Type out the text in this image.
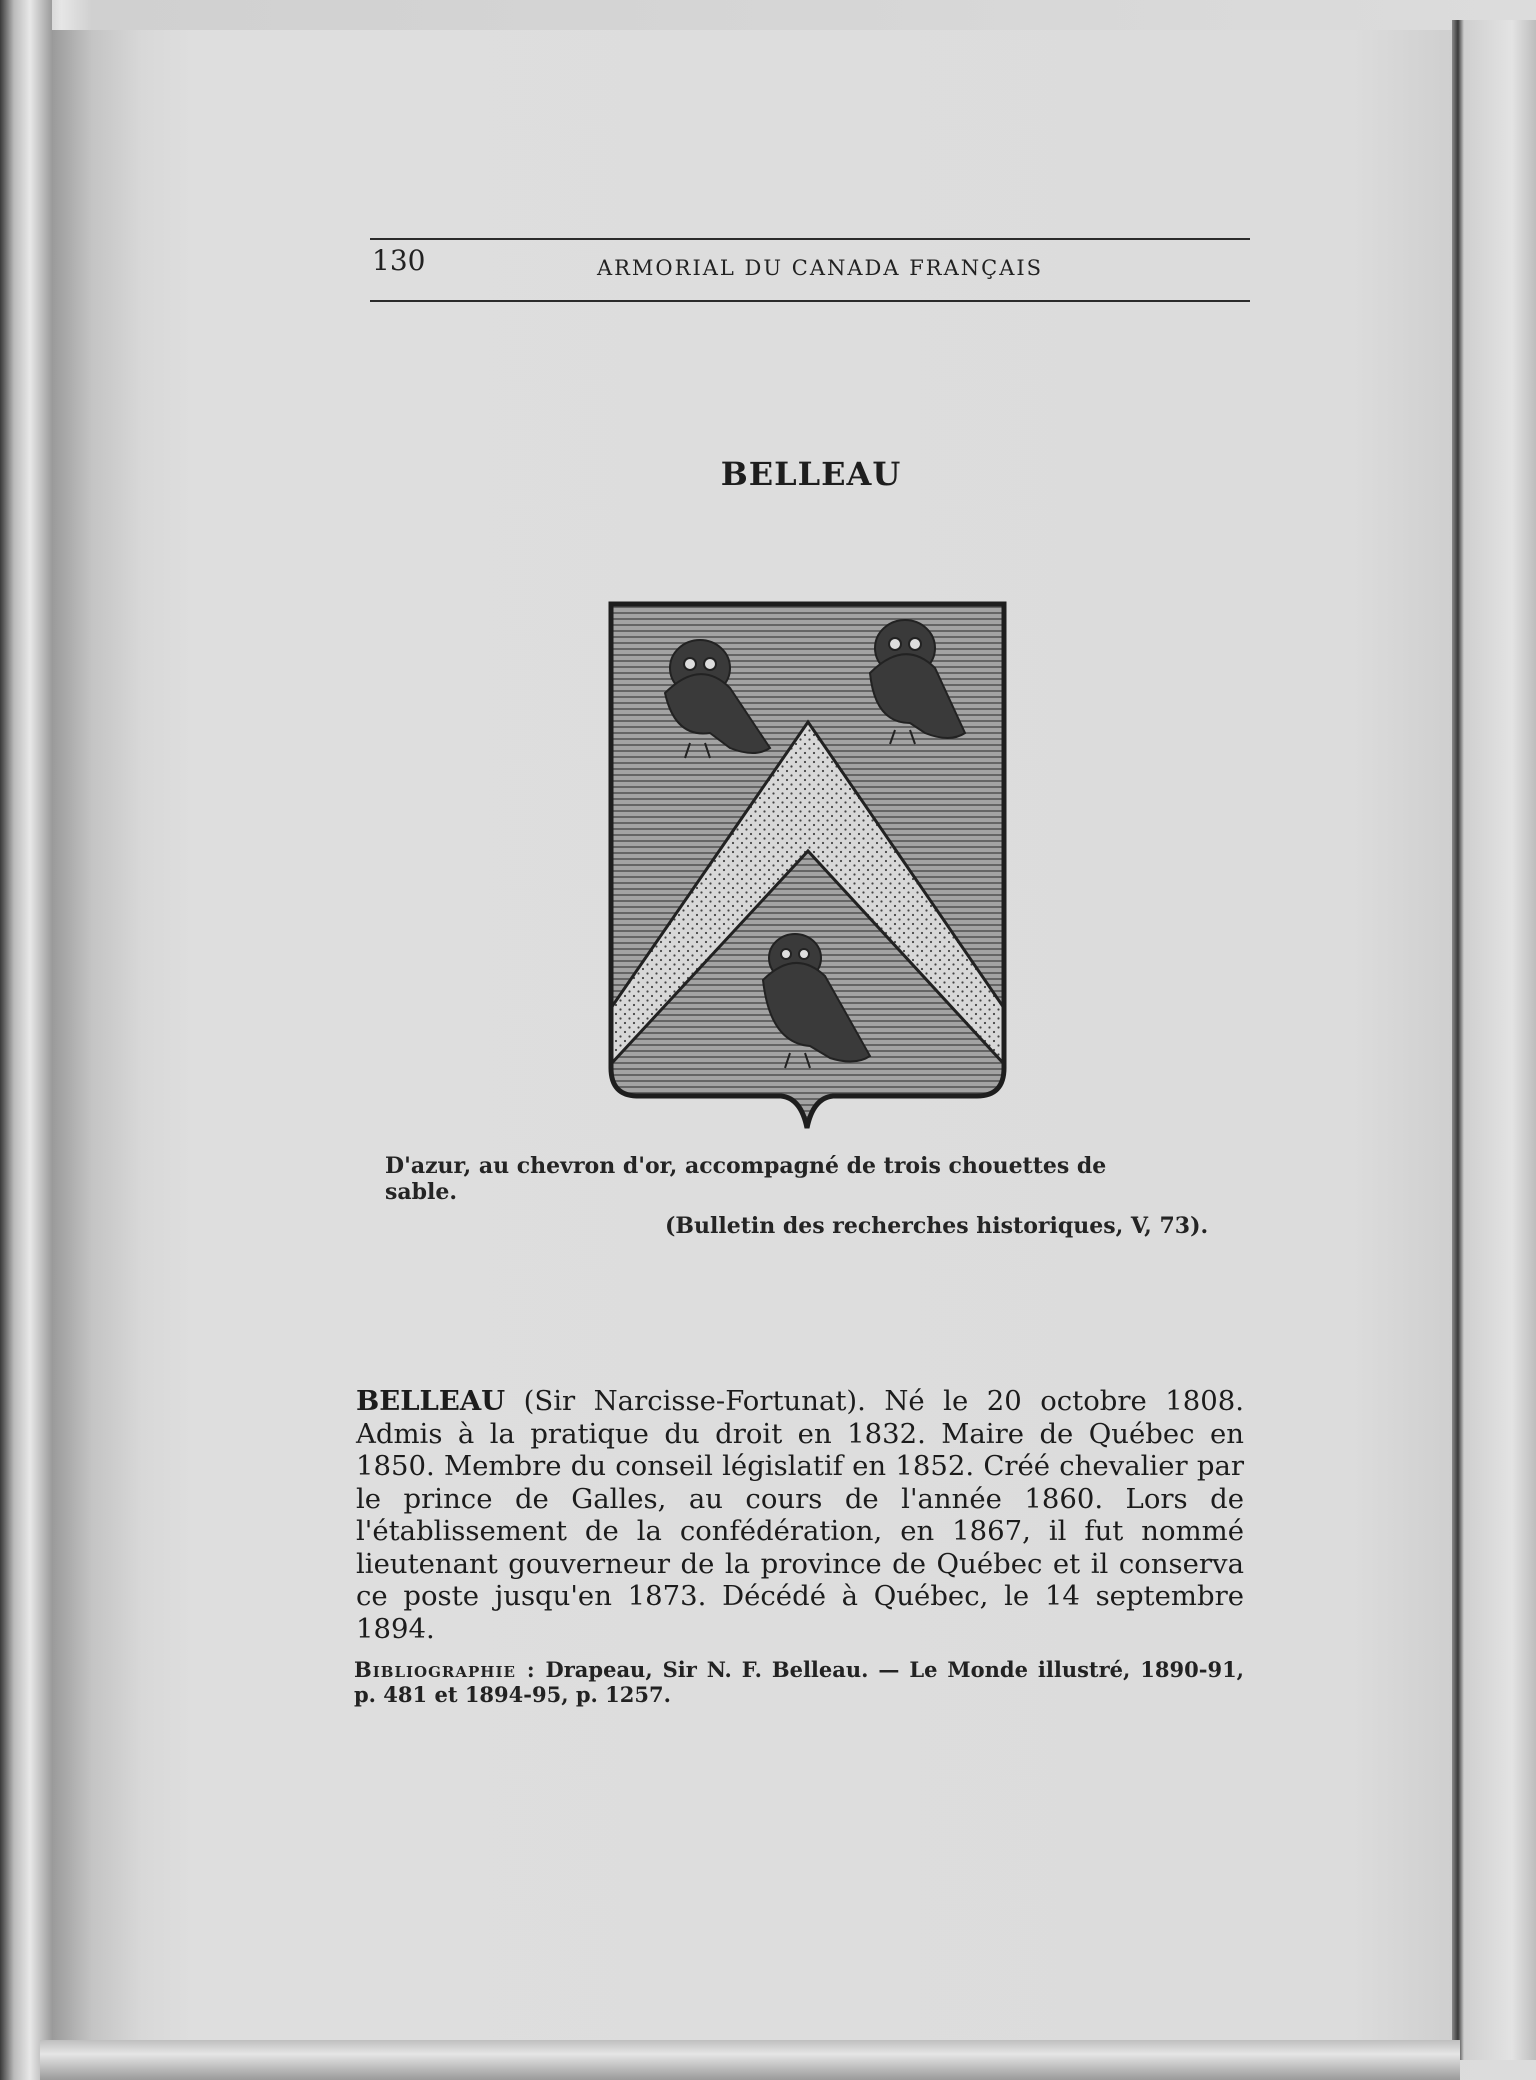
130	ARMORIAL DU CANADA FRANÇAIS
BELLEAU
D'azur, au chevron d'or, accompagné de trois chouettes de sable.
(Bulletin des recherches historiques, V, 73).
BELLEAU (Sir Narcisse-Fortunat). Né le 20 octobre 1808. Admis à la pratique du droit en 1832. Maire de Québec en 1850. Membre du conseil législatif en 1852. Créé chevalier par le prince de Galles, au cours de l'année 1860. Lors de l'établissement de la confédération, en 1867, il fut nommé lieutenant gouverneur de la province de Québec et il conserva ce poste jusqu'en 1873. Décédé à Québec, le 14 septembre 1894.
Bibliographie : Drapeau, Sir N. F. Belleau. — Le Monde illustré, 1890-91, p. 481 et 1894-95, p. 1257.
